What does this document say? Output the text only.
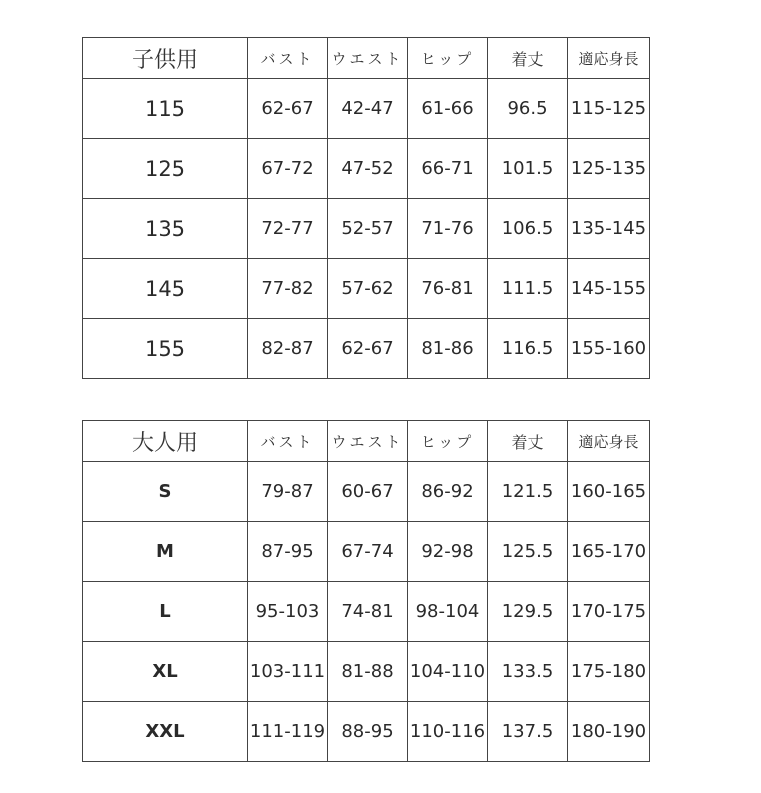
子供用	バスト	ウエスト	ヒップ	着丈	適応身長
115	62-67	42-47	61-66	96.5	115-125
125	67-72	47-52	66-71	101.5	125-135
135	72-77	52-57	71-76	106.5	135-145
145	77-82	57-62	76-81	111.5	145-155
155	82-87	62-67	81-86	116.5	155-160
大人用	バスト	ウエスト	ヒップ	着丈	適応身長
S	79-87	60-67	86-92	121.5	160-165
M	87-95	67-74	92-98	125.5	165-170
L	95-103	74-81	98-104	129.5	170-175
XL	103-111	81-88	104-110	133.5	175-180
XXL	111-119	88-95	110-116	137.5	180-190
